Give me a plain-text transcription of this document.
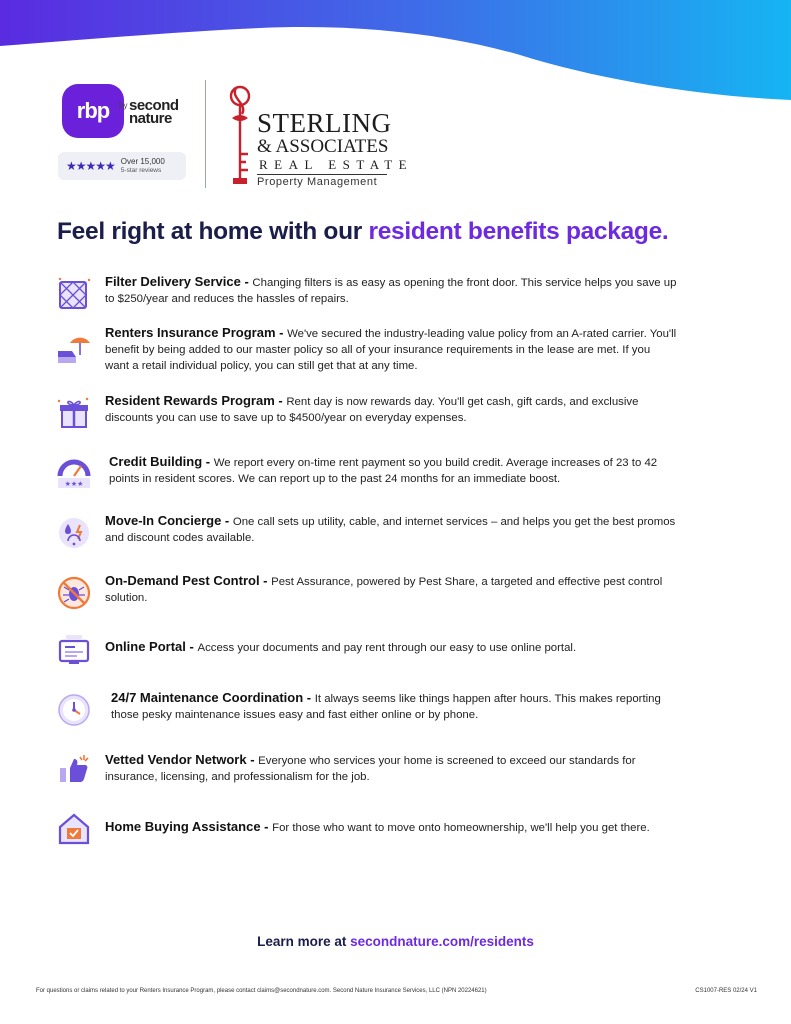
rbp by second nature
★★★★★ Over 15,000
5-star reviews
STERLING
& ASSOCIATES
REAL ESTATE
Property Management
Feel right at home with our resident benefits package.
Filter Delivery Service - Changing filters is as easy as opening the front door. This service helps you save up
to $250/year and reduces the hassles of repairs.
Renters Insurance Program - We've secured the industry-leading value policy from an A-rated carrier. You'll
benefit by being added to our master policy so all of your insurance requirements in the lease are met. If you
want a retail individual policy, you can still get that at any time.
Resident Rewards Program - Rent day is now rewards day. You'll get cash, gift cards, and exclusive
discounts you can use to save up to $4500/year on everyday expenses.
★★★
Credit Building - We report every on-time rent payment so you build credit. Average increases of 23 to 42
points in resident scores. We can report up to the past 24 months for an immediate boost.
Move-In Concierge - One call sets up utility, cable, and internet services – and helps you get the best promos
and discount codes available.
On-Demand Pest Control - Pest Assurance, powered by Pest Share, a targeted and effective pest control
solution.
Online Portal - Access your documents and pay rent through our easy to use online portal.
24/7 Maintenance Coordination - It always seems like things happen after hours. This makes reporting
those pesky maintenance issues easy and fast either online or by phone.
Vetted Vendor Network - Everyone who services your home is screened to exceed our standards for
insurance, licensing, and professionalism for the job.
Home Buying Assistance - For those who want to move onto homeownership, we'll help you get there.
Learn more at secondnature.com/residents
For questions or claims related to your Renters Insurance Program, please contact claims@secondnature.com. Second Nature Insurance Services, LLC (NPN 20224621)	CS1007-RES 02/24 V1
